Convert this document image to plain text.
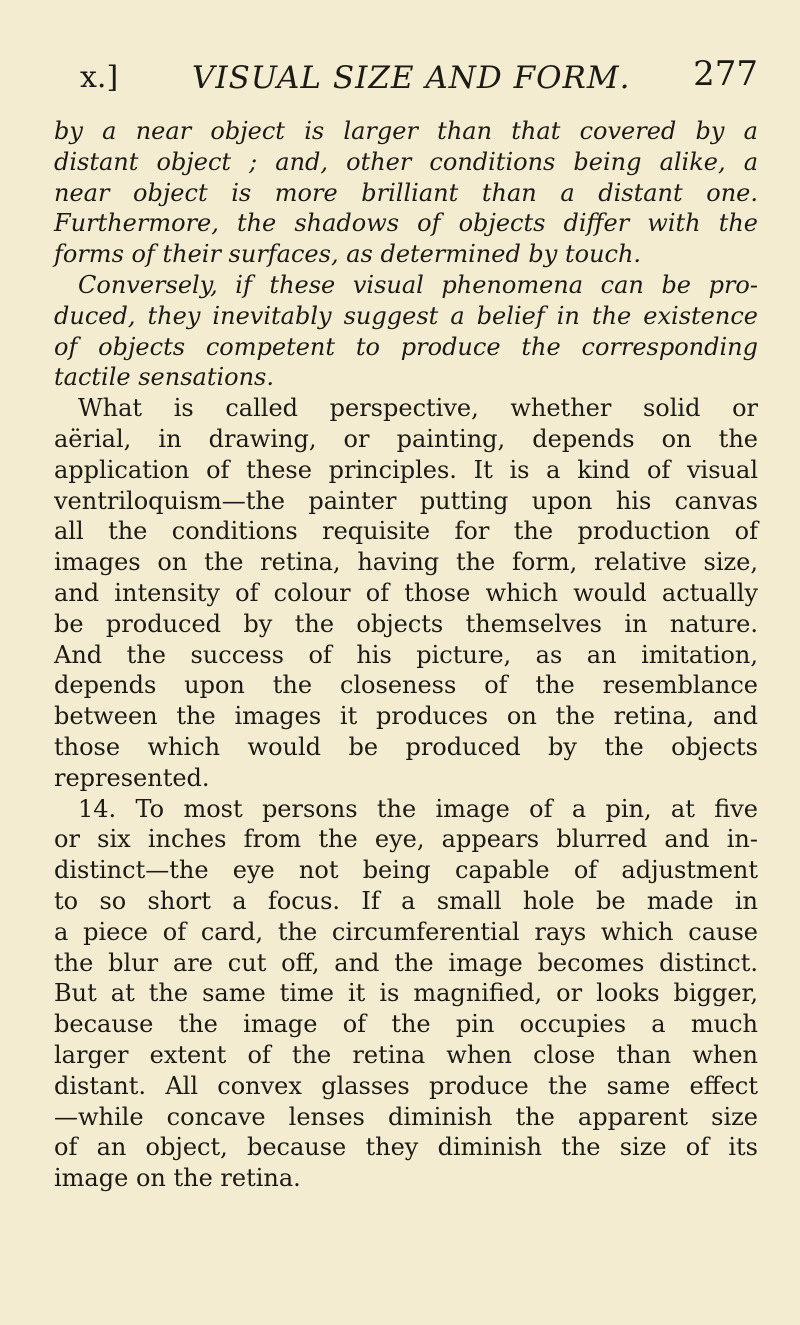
x.] VISUAL SIZE AND FORM. 277
by a near object is larger than that covered by a
distant object ; and, other conditions being alike, a
near object is more brilliant than a distant one.
Furthermore, the shadows of objects differ with the
forms of their surfaces, as determined by touch.
Conversely, if these visual phenomena can be pro-
duced, they inevitably suggest a belief in the existence
of objects competent to produce the corresponding
tactile sensations.
What is called perspective, whether solid or
aërial, in drawing, or painting, depends on the
application of these principles. It is a kind of visual
ventriloquism—the painter putting upon his canvas
all the conditions requisite for the production of
images on the retina, having the form, relative size,
and intensity of colour of those which would actually
be produced by the objects themselves in nature.
And the success of his picture, as an imitation,
depends upon the closeness of the resemblance
between the images it produces on the retina, and
those which would be produced by the objects
represented.
14. To most persons the image of a pin, at five
or six inches from the eye, appears blurred and in-
distinct—the eye not being capable of adjustment
to so short a focus. If a small hole be made in
a piece of card, the circumferential rays which cause
the blur are cut off, and the image becomes distinct.
But at the same time it is magnified, or looks bigger,
because the image of the pin occupies a much
larger extent of the retina when close than when
distant. All convex glasses produce the same effect
—while concave lenses diminish the apparent size
of an object, because they diminish the size of its
image on the retina.
